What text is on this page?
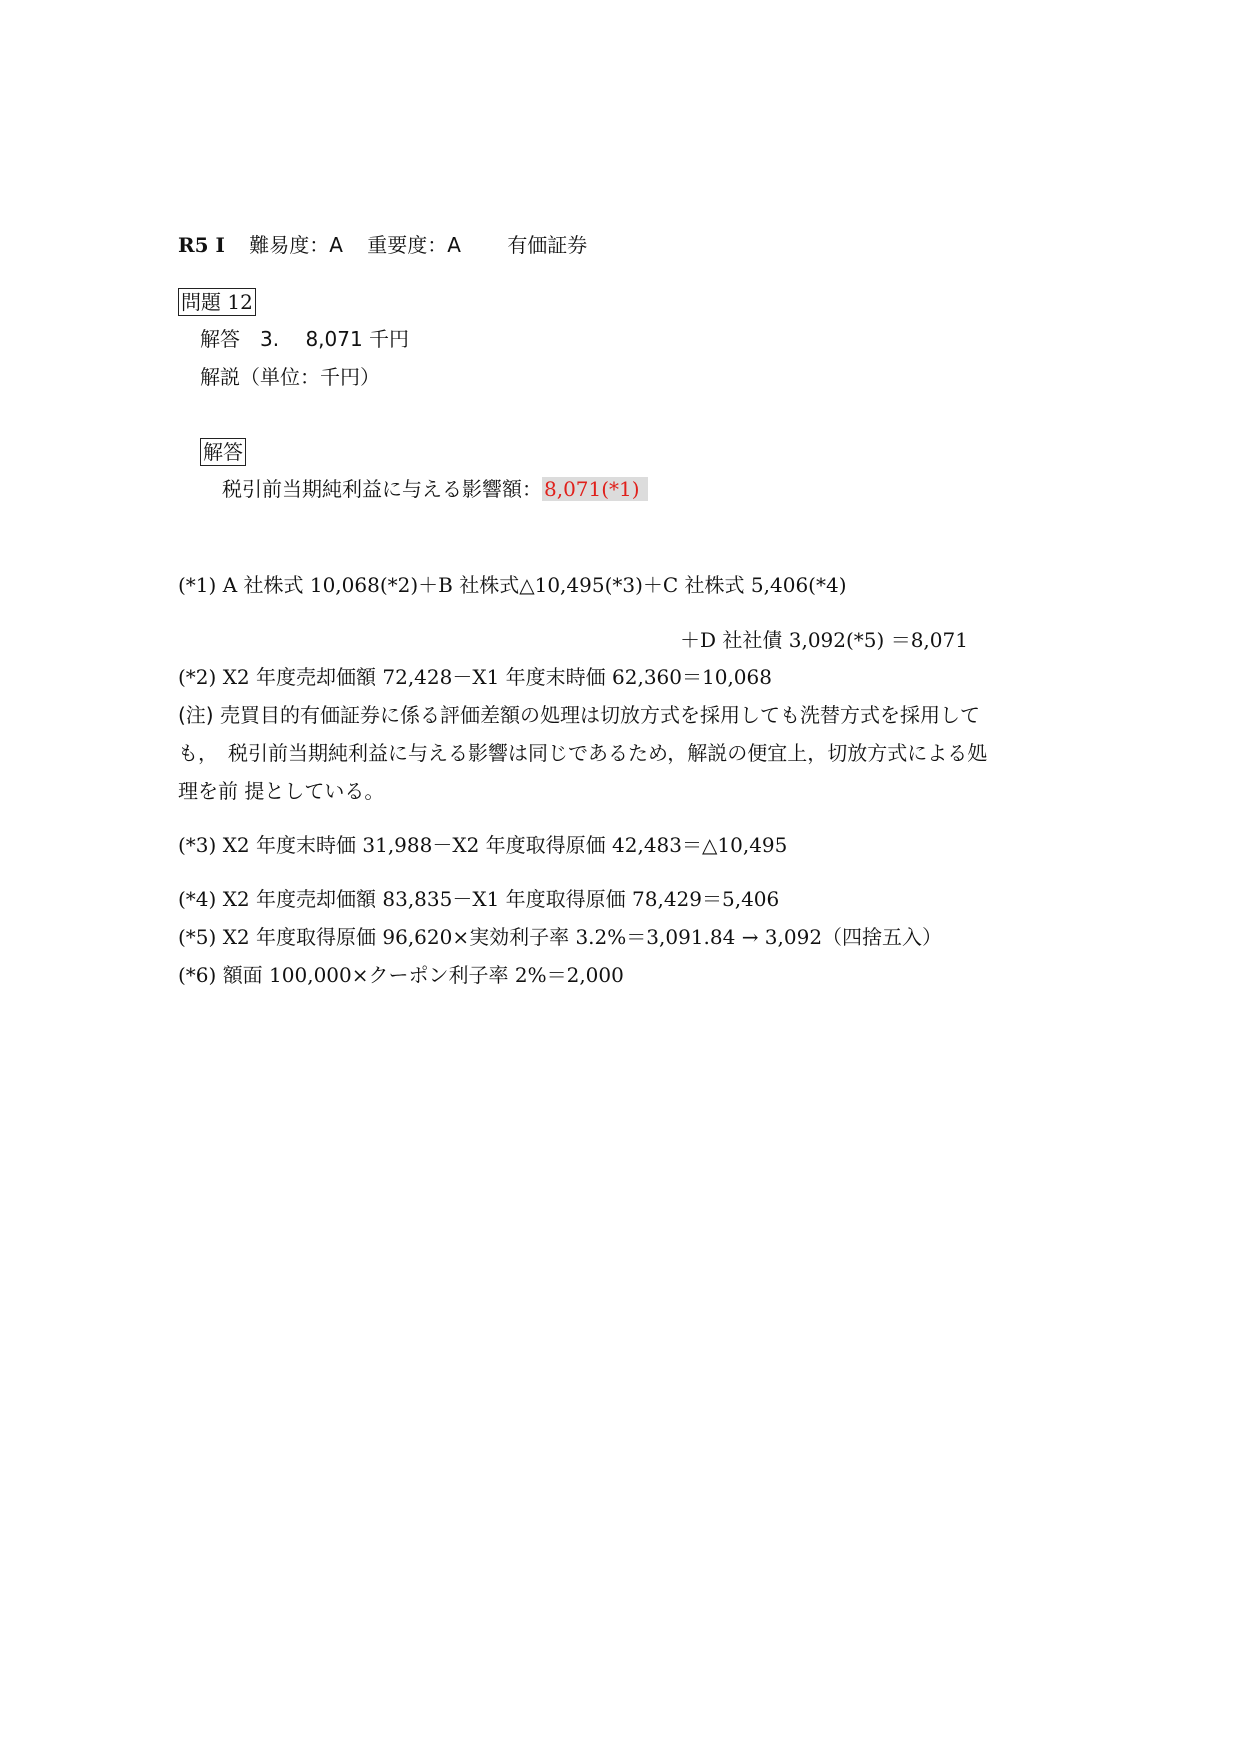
R5 Ⅰ 難易度：A 重要度：A 有価証券
問題 12
解答　3.　 8,071 千円
解説（単位：千円）
解答
税引前当期純利益に与える影響額： 8,071(*1)
(*1) A 社株式 10,068(*2)＋B 社株式△10,495(*3)＋C 社株式 5,406(*4)
＋D 社社債 3,092(*5) ＝8,071
(*2) X2 年度売却価額 72,428－X1 年度末時価 62,360＝10,068
(注) 売買目的有価証券に係る評価差額の処理は切放方式を採用しても洗替方式を採用して
も，　税引前当期純利益に与える影響は同じであるため，解説の便宜上，切放方式による処
理を前 提としている。
(*3) X2 年度末時価 31,988－X2 年度取得原価 42,483＝△10,495
(*4) X2 年度売却価額 83,835－X1 年度取得原価 78,429＝5,406
(*5) X2 年度取得原価 96,620×実効利子率 3.2%＝3,091.84 → 3,092（四捨五入）
(*6) 額面 100,000×クーポン利子率 2%＝2,000
